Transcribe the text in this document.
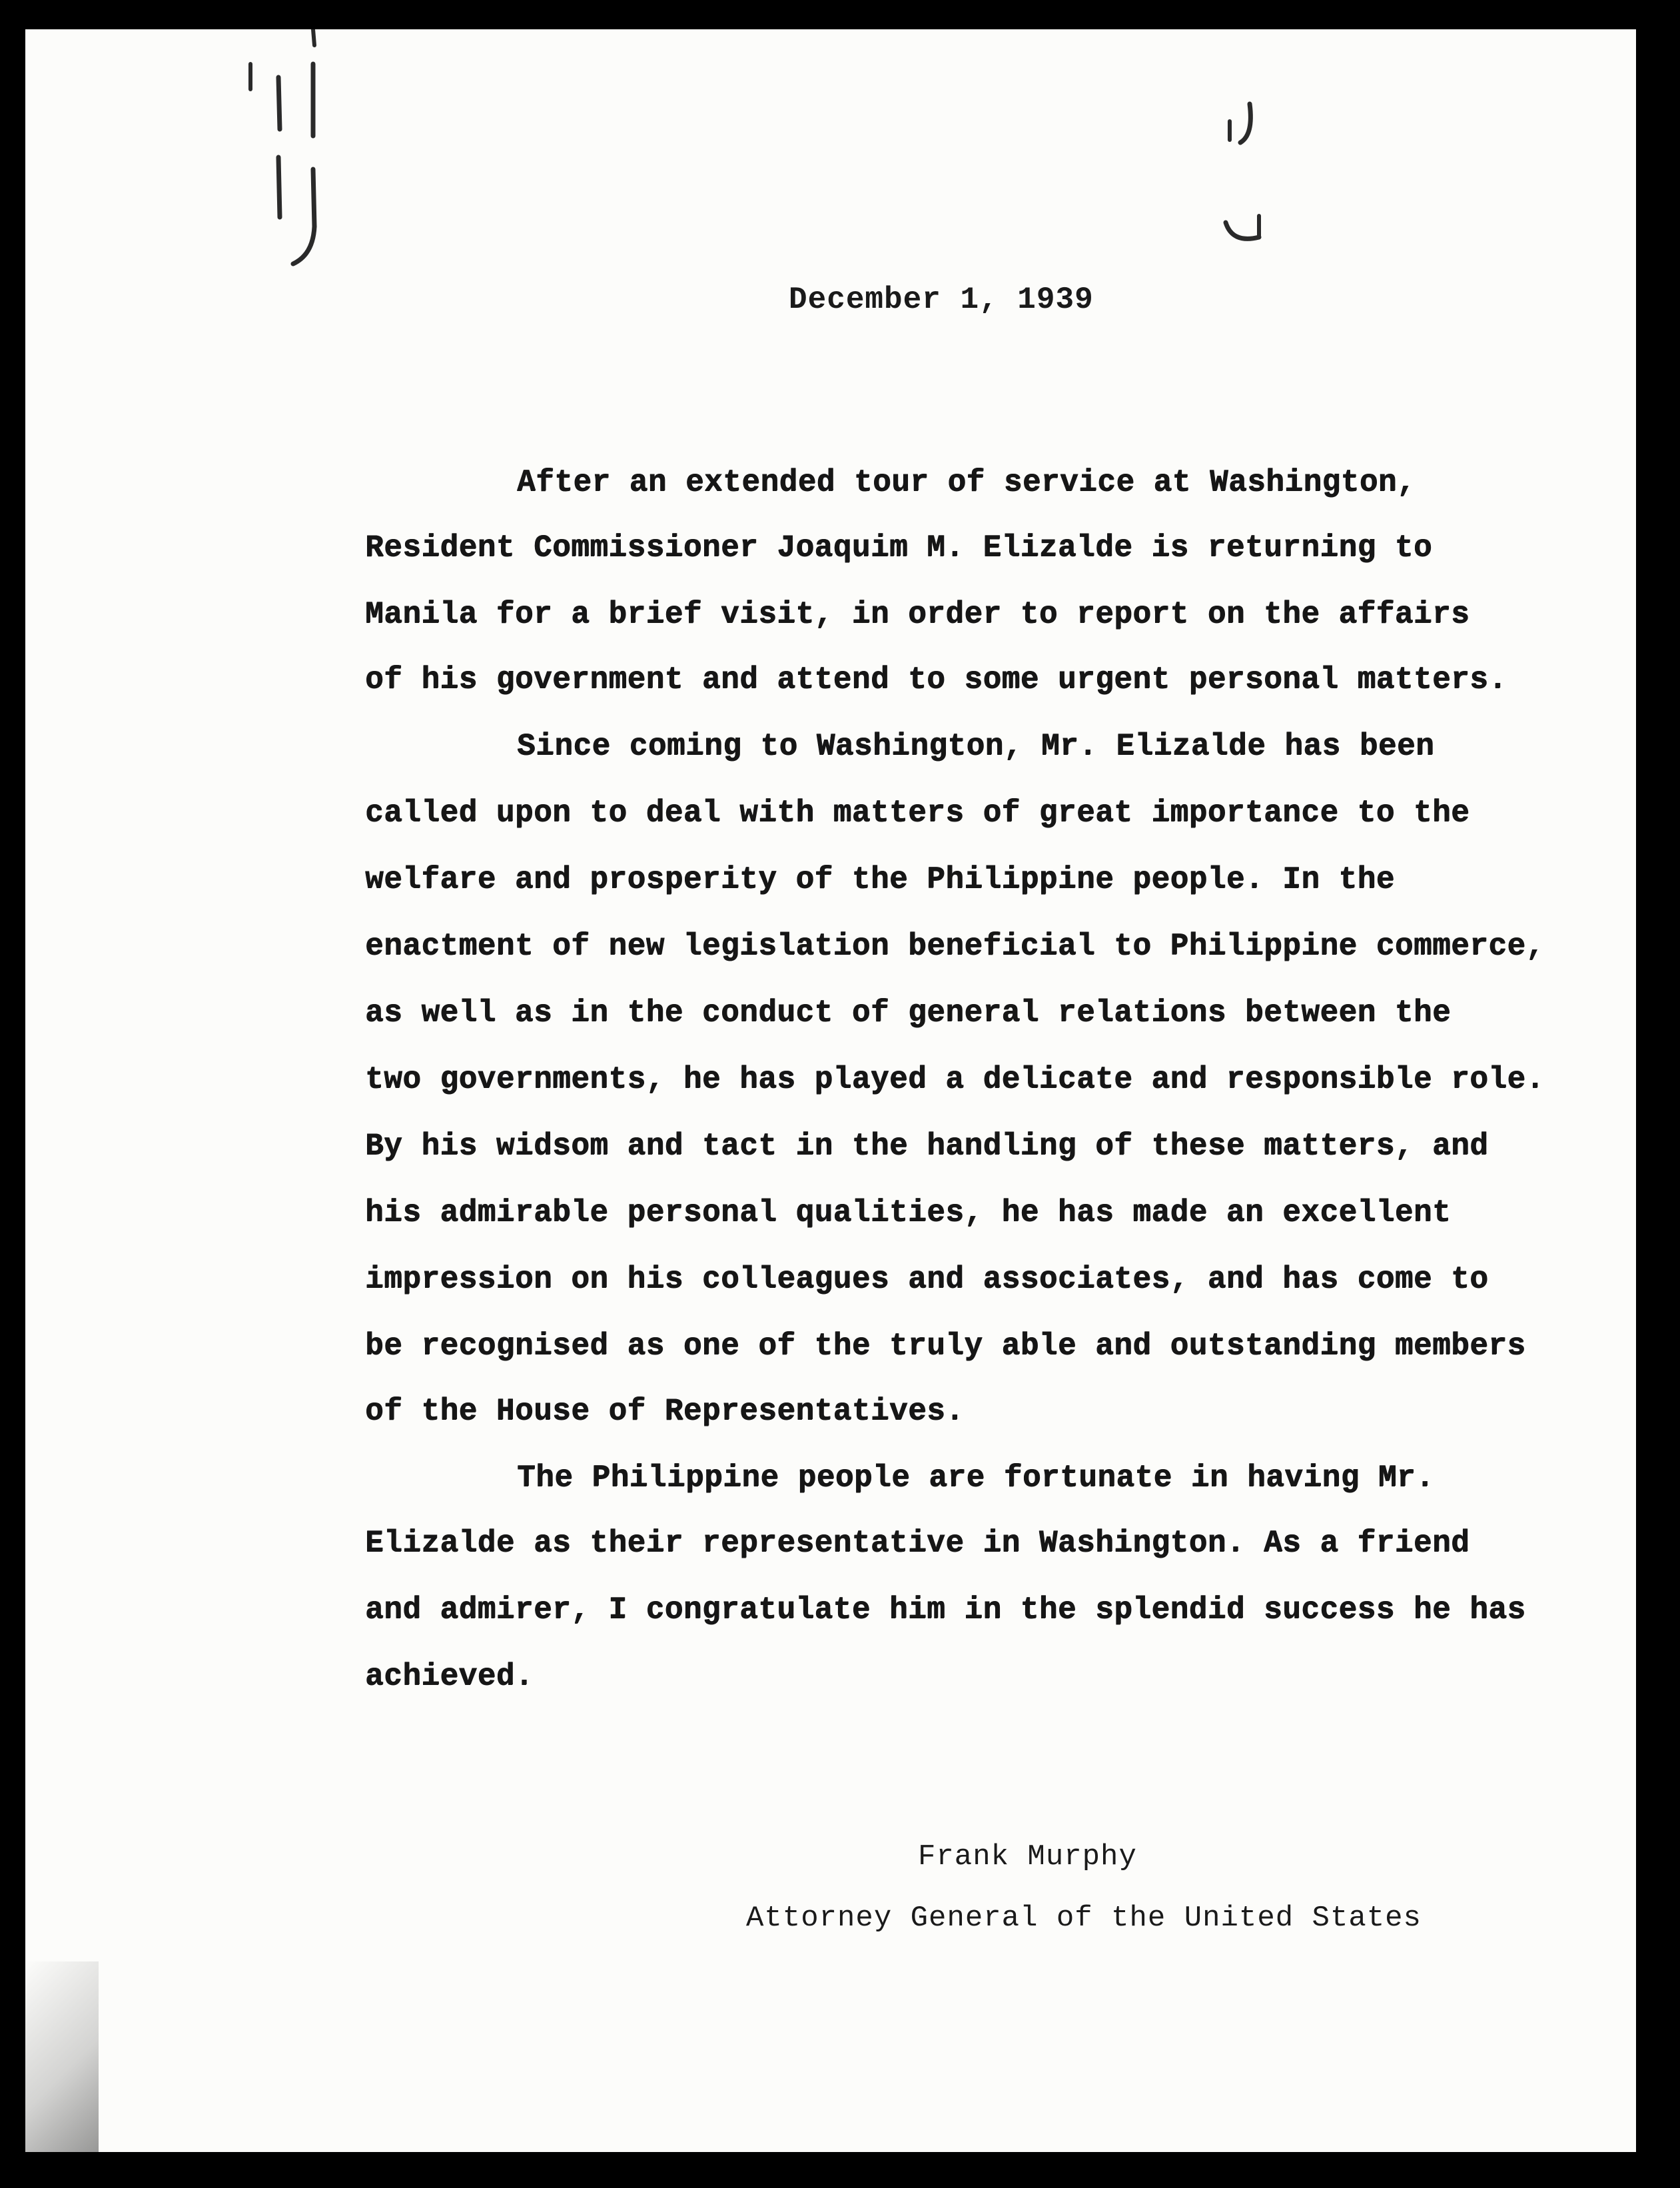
December 1, 1939

After an extended tour of service at Washington,

Resident Commissioner Joaquim M. Elizalde is returning to

Manila for a brief visit, in order to report on the affairs

of his government and attend to some urgent personal matters.

Since coming to Washington, Mr. Elizalde has been

called upon to deal with matters of great importance to the

welfare and prosperity of the Philippine people. In the

enactment of new legislation beneficial to Philippine commerce,

as well as in the conduct of general relations between the

two governments, he has played a delicate and responsible role.

By his widsom and tact in the handling of these matters, and

his admirable personal qualities, he has made an excellent

impression on his colleagues and associates, and has come to

be recognised as one of the truly able and outstanding members

of the House of Representatives.

The Philippine people are fortunate in having Mr.

Elizalde as their representative in Washington. As a friend

and admirer, I congratulate him in the splendid success he has

achieved.

Frank Murphy
Attorney General of the United States
